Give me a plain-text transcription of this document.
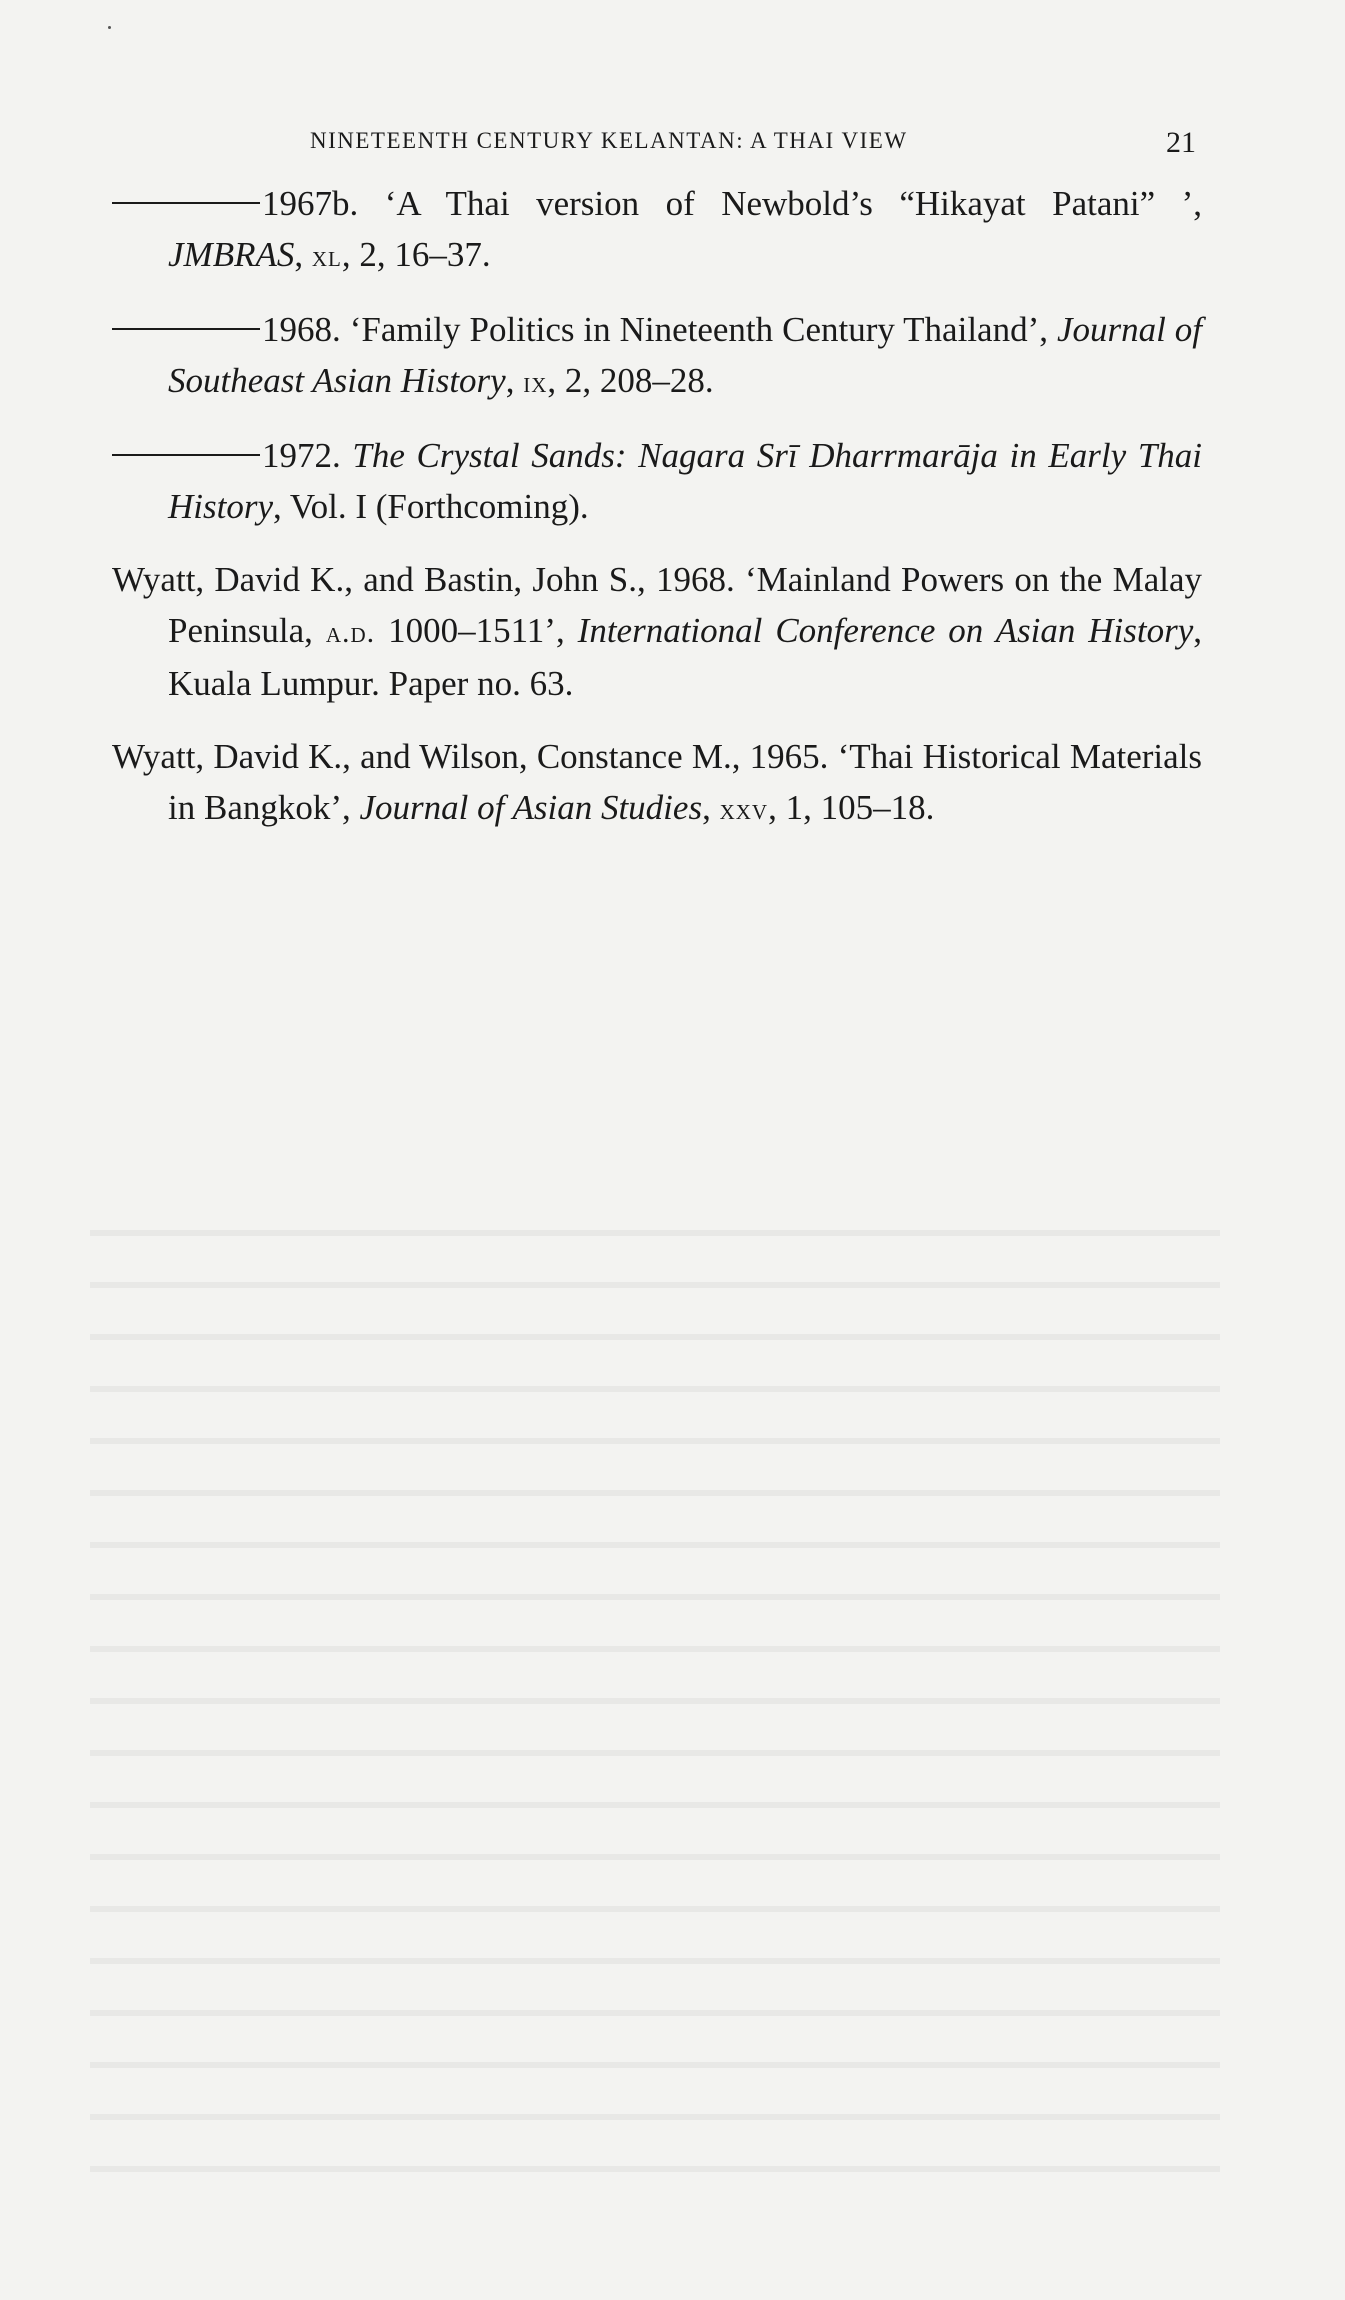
NINETEENTH CENTURY KELANTAN: A THAI VIEW	21

1967b. ‘A Thai version of Newbold’s “Hikayat Patani” ’, JMBRAS, xl, 2, 16–37.

1968. ‘Family Politics in Nineteenth Century Thailand’, Journal of Southeast Asian History, ix, 2, 208–28.

1972. The Crystal Sands: Nagara Srī Dharrmarāja in Early Thai History, Vol. I (Forthcoming).

Wyatt, David K., and Bastin, John S., 1968. ‘Mainland Powers on the Malay Peninsula, a.d. 1000–1511’, International Conference on Asian History, Kuala Lumpur. Paper no. 63.

Wyatt, David K., and Wilson, Constance M., 1965. ‘Thai Historical Materials in Bangkok’, Journal of Asian Studies, xxv, 1, 105–18.
